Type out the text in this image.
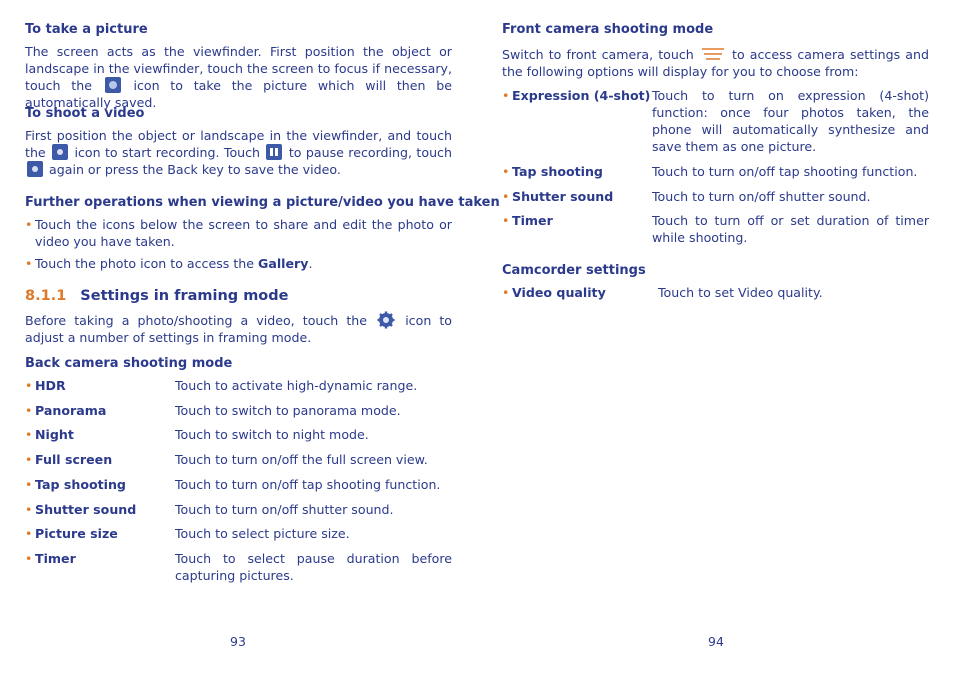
To take a picture

The screen acts as the viewfinder. First position the object or landscape in the viewfinder, touch the screen to focus if necessary, touch the	icon to take the picture which will then be automatically saved.

To shoot a video

First position the object or landscape in the viewfinder, and touch the icon to start recording. Touch to pause recording, touch  again or press the Back key to save the video.

Further operations when viewing a picture/video you have taken
• Touch the icons below the screen to share and edit the photo or video you have taken.
• Touch the photo icon to access the Gallery.
8.1.1 Settings in framing mode

Before taking a photo/shooting a video, touch the	icon to adjust a number of settings in framing mode.

Back camera shooting mode
• HDR	Touch to activate high-dynamic range.
• Panorama	Touch to switch to panorama mode.
• Night	Touch to switch to night mode.
• Full screen	Touch to turn on/off the full screen view.
• Tap shooting	Touch to turn on/off tap shooting function.
• Shutter sound	Touch to turn on/off shutter sound.
• Picture size	Touch to select picture size.
• Timer	Touch to select pause duration before capturing pictures.
93
Front camera shooting mode

Switch to front camera, touch	to access camera settings and the following options will display for you to choose from:

• Expression (4-shot) Touch to turn on expression (4-shot) function: once four photos taken, the phone will automatically synthesize and save them as one picture.
• Tap shooting	Touch to turn on/off tap shooting function.
• Shutter sound	Touch to turn on/off shutter sound.
• Timer	Touch to turn off or set duration of timer while shooting.
Camcorder settings
• Video quality	Touch to set Video quality.
94
